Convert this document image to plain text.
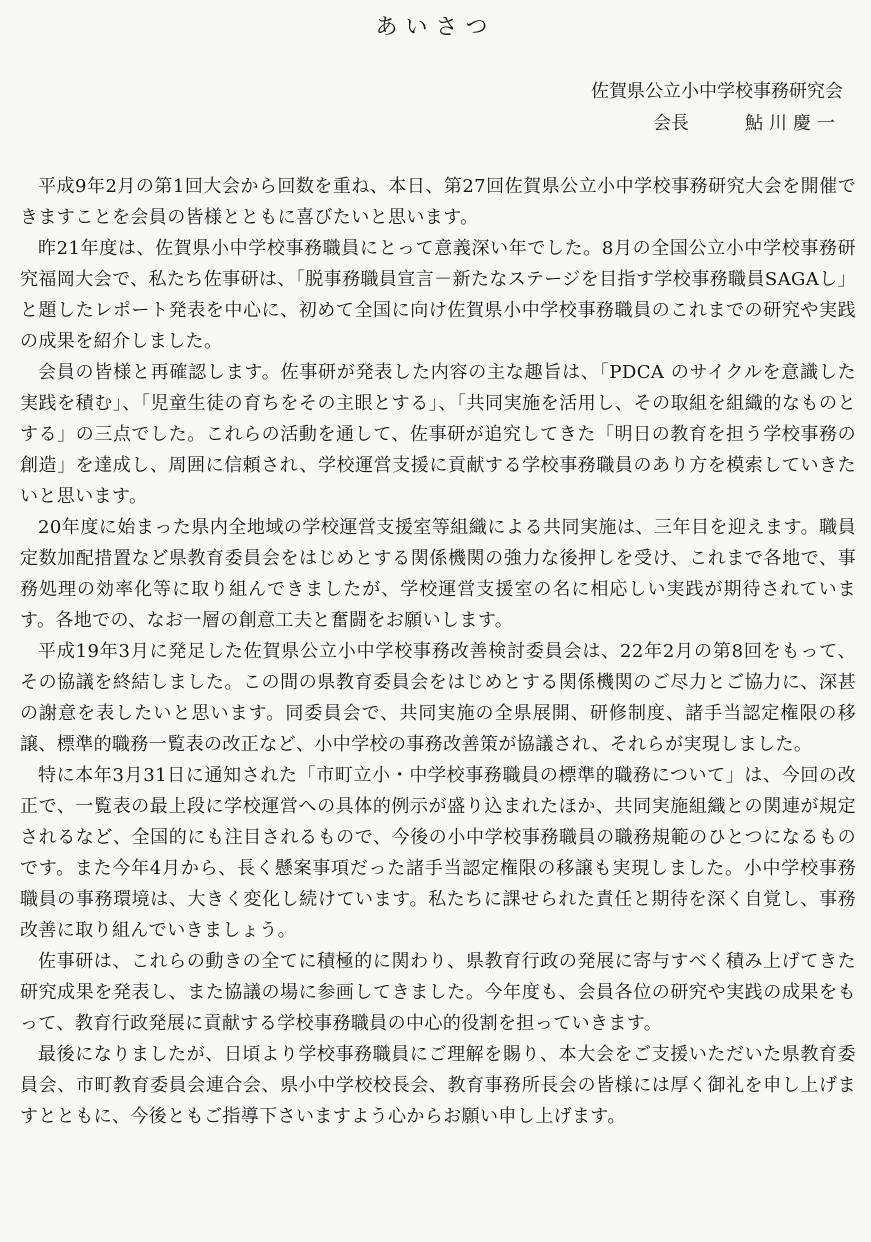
あいさつ
佐賀県公立小中学校事務研究会
会長	鮎川慶一

平成9年2月の第1回大会から回数を重ね、本日、第27回佐賀県公立小中学校事務研究大会を開催できますことを会員の皆様とともに喜びたいと思います。

昨21年度は、佐賀県小中学校事務職員にとって意義深い年でした。8月の全国公立小中学校事務研究福岡大会で、私たち佐事研は、「脱事務職員宣言－新たなステージを目指す学校事務職員SAGAし」と題したレポート発表を中心に、初めて全国に向け佐賀県小中学校事務職員のこれまでの研究や実践の成果を紹介しました。

会員の皆様と再確認します。佐事研が発表した内容の主な趣旨は、「PDCA のサイクルを意識した実践を積む」、「児童生徒の育ちをその主眼とする」、「共同実施を活用し、その取組を組織的なものとする」の三点でした。これらの活動を通して、佐事研が追究してきた「明日の教育を担う学校事務の創造」を達成し、周囲に信頼され、学校運営支援に貢献する学校事務職員のあり方を模索していきたいと思います。

20年度に始まった県内全地域の学校運営支援室等組織による共同実施は、三年目を迎えます。職員定数加配措置など県教育委員会をはじめとする関係機関の強力な後押しを受け、これまで各地で、事務処理の効率化等に取り組んできましたが、学校運営支援室の名に相応しい実践が期待されています。各地での、なお一層の創意工夫と奮闘をお願いします。

平成19年3月に発足した佐賀県公立小中学校事務改善検討委員会は、22年2月の第8回をもって、その協議を終結しました。この間の県教育委員会をはじめとする関係機関のご尽力とご協力に、深甚の謝意を表したいと思います。同委員会で、共同実施の全県展開、研修制度、諸手当認定権限の移譲、標準的職務一覧表の改正など、小中学校の事務改善策が協議され、それらが実現しました。

特に本年3月31日に通知された「市町立小・中学校事務職員の標準的職務について」は、今回の改正で、一覧表の最上段に学校運営への具体的例示が盛り込まれたほか、共同実施組織との関連が規定されるなど、全国的にも注目されるもので、今後の小中学校事務職員の職務規範のひとつになるものです。また今年4月から、長く懸案事項だった諸手当認定権限の移譲も実現しました。小中学校事務職員の事務環境は、大きく変化し続けています。私たちに課せられた責任と期待を深く自覚し、事務改善に取り組んでいきましょう。

佐事研は、これらの動きの全てに積極的に関わり、県教育行政の発展に寄与すべく積み上げてきた研究成果を発表し、また協議の場に参画してきました。今年度も、会員各位の研究や実践の成果をもって、教育行政発展に貢献する学校事務職員の中心的役割を担っていきます。

最後になりましたが、日頃より学校事務職員にご理解を賜り、本大会をご支援いただいた県教育委員会、市町教育委員会連合会、県小中学校校長会、教育事務所長会の皆様には厚く御礼を申し上げますとともに、今後ともご指導下さいますよう心からお願い申し上げます。
